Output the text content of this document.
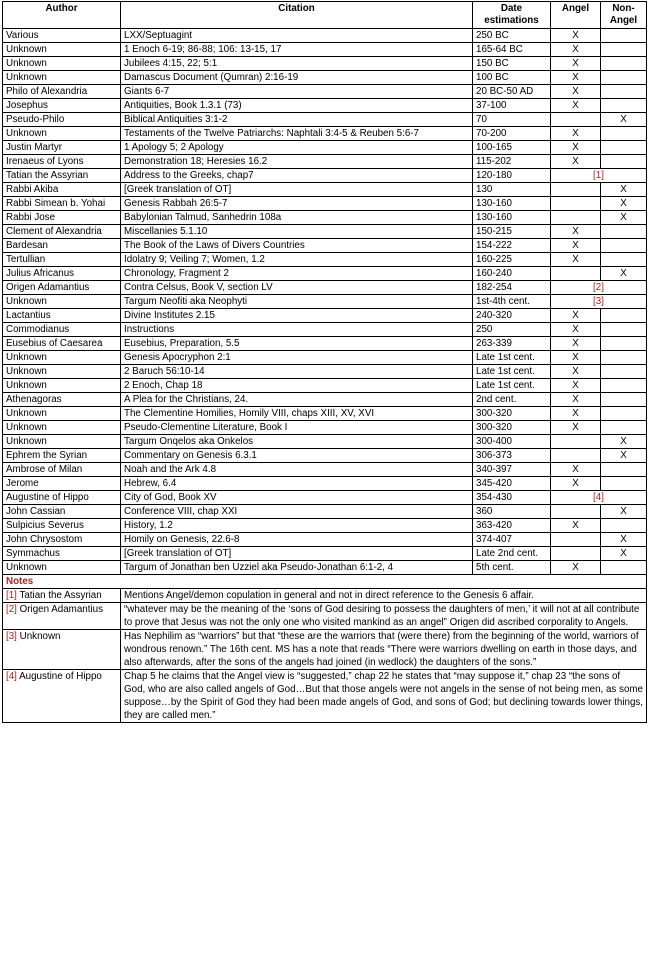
Author	Citation	Date estimations	Angel	Non-Angel
Various	LXX/Septuagint	250 BC	X	
Unknown	1 Enoch 6-19; 86-88; 106: 13-15, 17	165-64 BC	X	
Unknown	Jubilees 4:15, 22; 5:1	150 BC	X	
Unknown	Damascus Document (Qumran) 2:16-19	100 BC	X	
Philo of Alexandria	Giants 6-7	20 BC-50 AD	X	
Josephus	Antiquities, Book 1.3.1 (73)	37-100	X	
Pseudo-Philo	Biblical Antiquities 3:1-2	70		X
Unknown	Testaments of the Twelve Patriarchs: Naphtali 3:4-5 & Reuben 5:6-7	70-200	X	
Justin Martyr	1 Apology 5; 2 Apology	100-165	X	
Irenaeus of Lyons	Demonstration 18; Heresies 16.2	115-202	X	
Tatian the Assyrian	Address to the Greeks, chap7	120-180	[1]	
Rabbi Akiba	[Greek translation of OT]	130		X
Rabbi Simean b. Yohai	Genesis Rabbah 26:5-7	130-160		X
Rabbi Jose	Babylonian Talmud, Sanhedrin 108a	130-160		X
Clement of Alexandria	Miscellanies 5.1.10	150-215	X	
Bardesan	The Book of the Laws of Divers Countries	154-222	X	
Tertullian	Idolatry 9; Veiling 7; Women, 1.2	160-225	X	
Julius Africanus	Chronology, Fragment 2	160-240		X
Origen Adamantius	Contra Celsus, Book V, section LV	182-254	[2]	
Unknown	Targum Neofiti aka Neophyti	1st-4th cent.	[3]	
Lactantius	Divine Institutes 2.15	240-320	X	
Commodianus	Instructions	250	X	
Eusebius of Caesarea	Eusebius, Preparation, 5.5	263-339	X	
Unknown	Genesis Apocryphon 2:1	Late 1st cent.	X	
Unknown	2 Baruch 56:10-14	Late 1st cent.	X	
Unknown	2 Enoch, Chap 18	Late 1st cent.	X	
Athenagoras	A Plea for the Christians, 24.	2nd cent.	X	
Unknown	The Clementine Homilies, Homily VIII, chaps XIII, XV, XVI	300-320	X	
Unknown	Pseudo-Clementine Literature, Book I	300-320	X	
Unknown	Targum Onqelos aka Onkelos	300-400		X
Ephrem the Syrian	Commentary on Genesis 6.3.1	306-373		X
Ambrose of Milan	Noah and the Ark 4.8	340-397	X	
Jerome	Hebrew, 6.4	345-420	X	
Augustine of Hippo	City of God, Book XV	354-430	[4]	
John Cassian	Conference VIII, chap XXI	360		X
Sulpicius Severus	History, 1.2	363-420	X	
John Chrysostom	Homily on Genesis, 22.6-8	374-407		X
Symmachus	[Greek translation of OT]	Late 2nd cent.		X
Unknown	Targum of Jonathan ben Uzziel aka Pseudo-Jonathan 6:1-2, 4	5th cent.	X	
Notes				
[1] Tatian the Assyrian	Mentions Angel/demon copulation in general and not in direct reference to the Genesis 6 affair.			
[2] Origen Adamantius	“whatever may be the meaning of the ‘sons of God desiring to possess the daughters of men,’ it will not at all contribute to prove that Jesus was not the only one who visited mankind as an angel” Origen did ascribed corporality to Angels.			
[3] Unknown	Has Nephilim as “warriors” but that “these are the warriors that (were there) from the beginning of the world, warriors of wondrous renown.” The 16th cent. MS has a note that reads “There were warriors dwelling on earth in those days, and also afterwards, after the sons of the angels had joined (in wedlock) the daughters of the sons.”			
[4] Augustine of Hippo	Chap 5 he claims that the Angel view is “suggested,” chap 22 he states that “may suppose it,” chap 23 “the sons of God, who are also called angels of God…But that those angels were not angels in the sense of not being men, as some suppose…by the Spirit of God they had been made angels of God, and sons of God; but declining towards lower things, they are called men.”			
